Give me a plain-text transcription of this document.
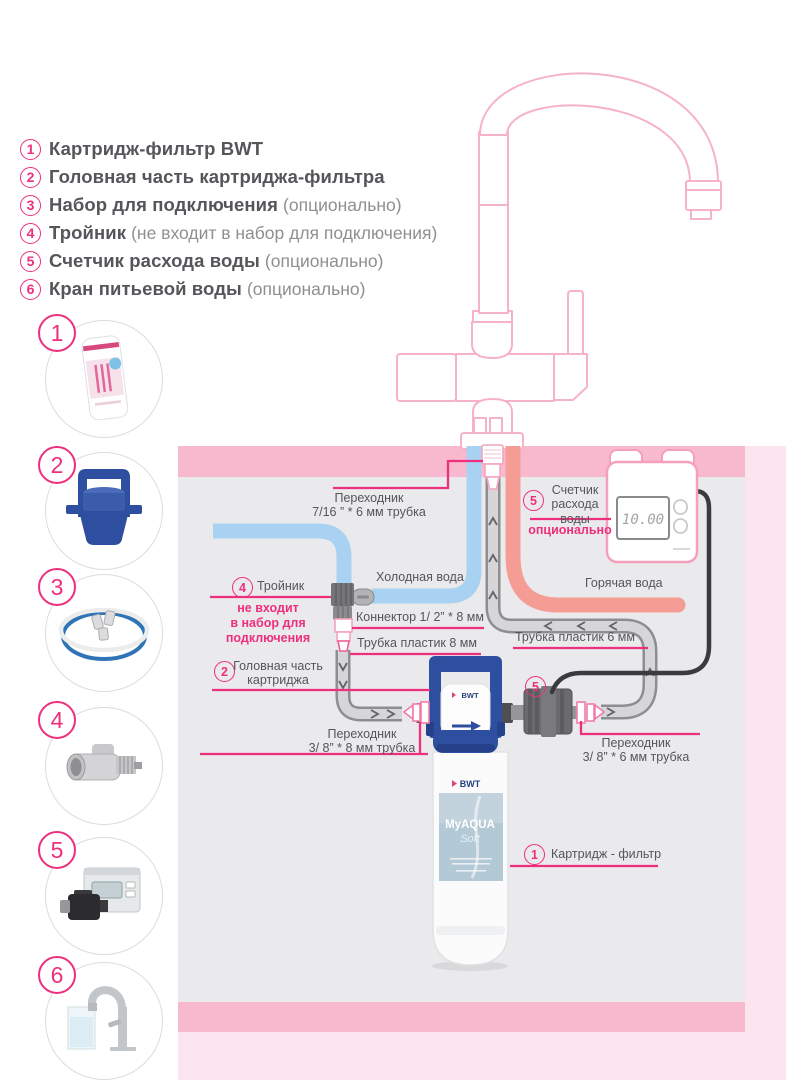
1 Картридж-фильтр BWT
2 Головная часть картриджа-фильтра
3 Набор для подключения (опционально)
4 Тройник (не входит в набор для подключения)
5 Счетчик расхода воды (опционально)
6 Кран питьевой воды (опционально)
1
2
3
4
5
6
BWT
MyAQUA
Soft
BWT
10.00
Переходник
7/16 ” * 6 мм трубка
5
Счетчик
расхода
воды
опционально
Холодная вода	Горячая вода
4 Тройник
не входит
в набор для
подключения
Коннектор 1/ 2” * 8 мм
Трубка пластик 8 мм	Трубка пластик 6 мм
2 Головная часть
картриджа
Переходник
3/ 8” * 8 мм трубка
5
Переходник
3/ 8” * 6 мм трубка
1	Картридж - фильтр
